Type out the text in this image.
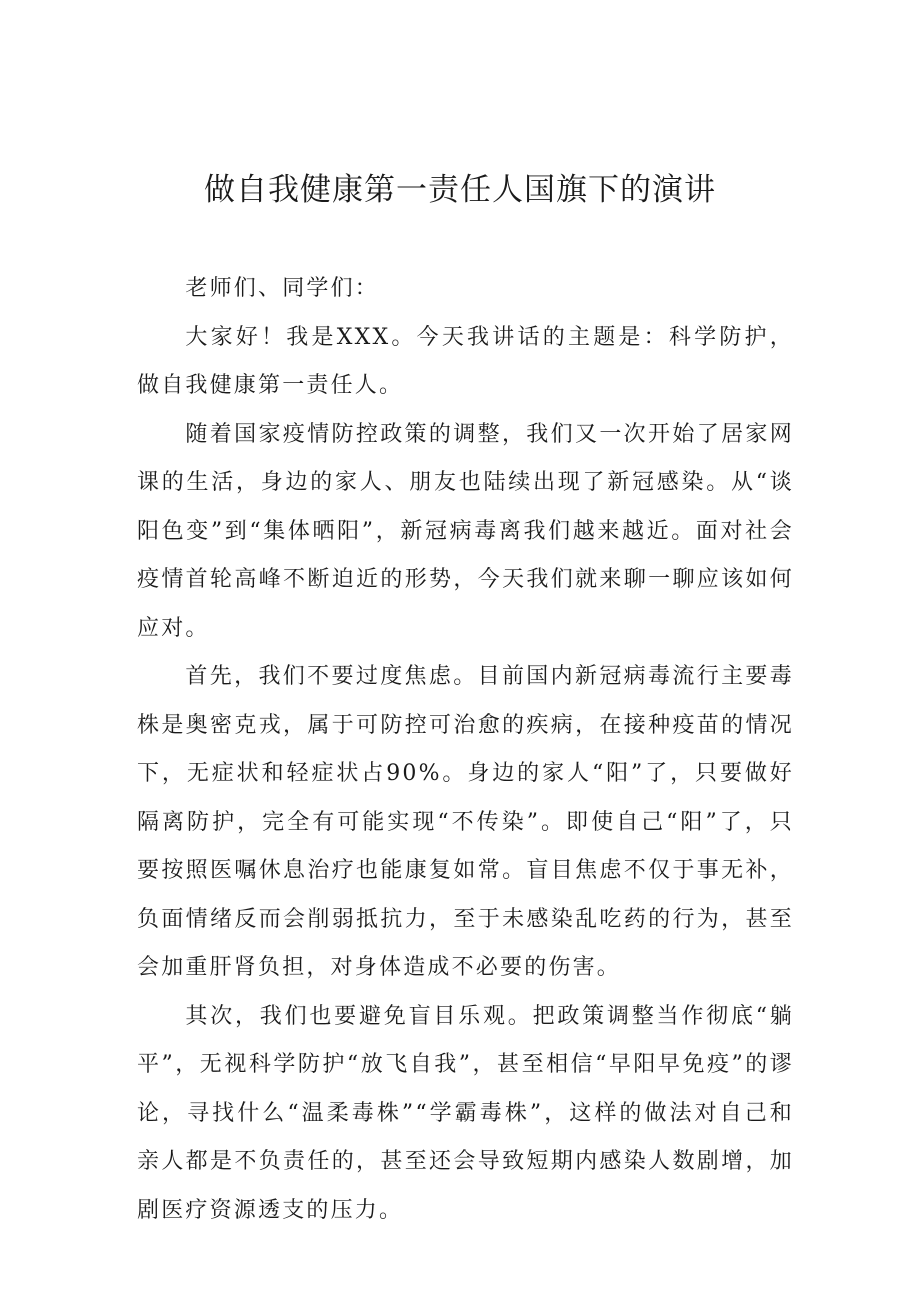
做自我健康第一责任人国旗下的演讲

老师们、同学们：

大家好！我是XXX。今天我讲话的主题是：科学防护，做自我健康第一责任人。

随着国家疫情防控政策的调整，我们又一次开始了居家网课的生活，身边的家人、朋友也陆续出现了新冠感染。从“谈阳色变”到“集体晒阳”，新冠病毒离我们越来越近。面对社会疫情首轮高峰不断迫近的形势，今天我们就来聊一聊应该如何应对。

首先，我们不要过度焦虑。目前国内新冠病毒流行主要毒株是奥密克戎，属于可防控可治愈的疾病，在接种疫苗的情况下，无症状和轻症状占90%。身边的家人“阳”了，只要做好隔离防护，完全有可能实现“不传染”。即使自己“阳”了，只要按照医嘱休息治疗也能康复如常。盲目焦虑不仅于事无补，负面情绪反而会削弱抵抗力，至于未感染乱吃药的行为，甚至会加重肝肾负担，对身体造成不必要的伤害。

其次，我们也要避免盲目乐观。把政策调整当作彻底“躺平”，无视科学防护“放飞自我”，甚至相信“早阳早免疫”的谬论，寻找什么“温柔毒株”“学霸毒株”，这样的做法对自己和亲人都是不负责任的，甚至还会导致短期内感染人数剧增，加剧医疗资源透支的压力。
